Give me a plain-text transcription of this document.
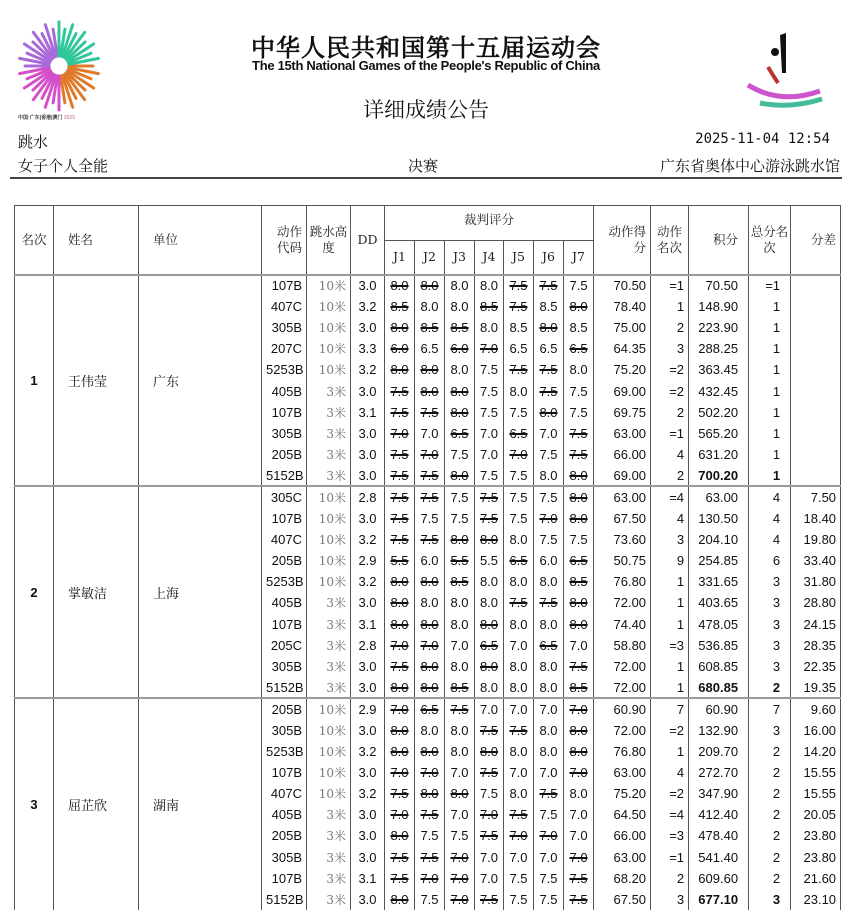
中国·广东|香港|澳门 2025
中华人民共和国第十五届运动会
The 15th National Games of the People's Republic of China
详细成绩公告
跳水	2025-11-04 12:54
女子个人全能	决赛	广东省奥体中心游泳跳水馆
名次	姓名	单位	动作代码	跳水高度	DD	裁判评分							动作得分	动作名次	积分	总分名次	分差
						J1	J2	J3	J4	J5	J6	J7					
1	王伟莹	广东	107B	10米	3.0	8.0	8.0	8.0	8.0	7.5	7.5	7.5	70.50	=1	70.50	=1	
			407C	10米	3.2	8.5	8.0	8.0	8.5	7.5	8.5	8.0	78.40	1	148.90	1	
			305B	10米	3.0	8.0	8.5	8.5	8.0	8.5	8.0	8.5	75.00	2	223.90	1	
			207C	10米	3.3	6.0	6.5	6.0	7.0	6.5	6.5	6.5	64.35	3	288.25	1	
			5253B	10米	3.2	8.0	8.0	8.0	7.5	7.5	7.5	8.0	75.20	=2	363.45	1	
			405B	3米	3.0	7.5	8.0	8.0	7.5	8.0	7.5	7.5	69.00	=2	432.45	1	
			107B	3米	3.1	7.5	7.5	8.0	7.5	7.5	8.0	7.5	69.75	2	502.20	1	
			305B	3米	3.0	7.0	7.0	6.5	7.0	6.5	7.0	7.5	63.00	=1	565.20	1	
			205B	3米	3.0	7.5	7.0	7.5	7.0	7.0	7.5	7.5	66.00	4	631.20	1	
			5152B	3米	3.0	7.5	7.5	8.0	7.5	7.5	8.0	8.0	69.00	2	700.20	1	
2	掌敏洁	上海	305C	10米	2.8	7.5	7.5	7.5	7.5	7.5	7.5	8.0	63.00	=4	63.00	4	7.50
			107B	10米	3.0	7.5	7.5	7.5	7.5	7.5	7.0	8.0	67.50	4	130.50	4	18.40
			407C	10米	3.2	7.5	7.5	8.0	8.0	8.0	7.5	7.5	73.60	3	204.10	4	19.80
			205B	10米	2.9	5.5	6.0	5.5	5.5	6.5	6.0	6.5	50.75	9	254.85	6	33.40
			5253B	10米	3.2	8.0	8.0	8.5	8.0	8.0	8.0	8.5	76.80	1	331.65	3	31.80
			405B	3米	3.0	8.0	8.0	8.0	8.0	7.5	7.5	8.0	72.00	1	403.65	3	28.80
			107B	3米	3.1	8.0	8.0	8.0	8.0	8.0	8.0	8.0	74.40	1	478.05	3	24.15
			205C	3米	2.8	7.0	7.0	7.0	6.5	7.0	6.5	7.0	58.80	=3	536.85	3	28.35
			305B	3米	3.0	7.5	8.0	8.0	8.0	8.0	8.0	7.5	72.00	1	608.85	3	22.35
			5152B	3米	3.0	8.0	8.0	8.5	8.0	8.0	8.0	8.5	72.00	1	680.85	2	19.35
3	屈芷欣	湖南	205B	10米	2.9	7.0	6.5	7.5	7.0	7.0	7.0	7.0	60.90	7	60.90	7	9.60
			305B	10米	3.0	8.0	8.0	8.0	7.5	7.5	8.0	8.0	72.00	=2	132.90	3	16.00
			5253B	10米	3.2	8.0	8.0	8.0	8.0	8.0	8.0	8.0	76.80	1	209.70	2	14.20
			107B	10米	3.0	7.0	7.0	7.0	7.5	7.0	7.0	7.0	63.00	4	272.70	2	15.55
			407C	10米	3.2	7.5	8.0	8.0	7.5	8.0	7.5	8.0	75.20	=2	347.90	2	15.55
			405B	3米	3.0	7.0	7.5	7.0	7.0	7.5	7.5	7.0	64.50	=4	412.40	2	20.05
			205B	3米	3.0	8.0	7.5	7.5	7.5	7.0	7.0	7.0	66.00	=3	478.40	2	23.80
			305B	3米	3.0	7.5	7.5	7.0	7.0	7.0	7.0	7.0	63.00	=1	541.40	2	23.80
			107B	3米	3.1	7.5	7.0	7.0	7.0	7.5	7.5	7.5	68.20	2	609.60	2	21.60
			5152B	3米	3.0	8.0	7.5	7.0	7.5	7.5	7.5	7.5	67.50	3	677.10	3	23.10
